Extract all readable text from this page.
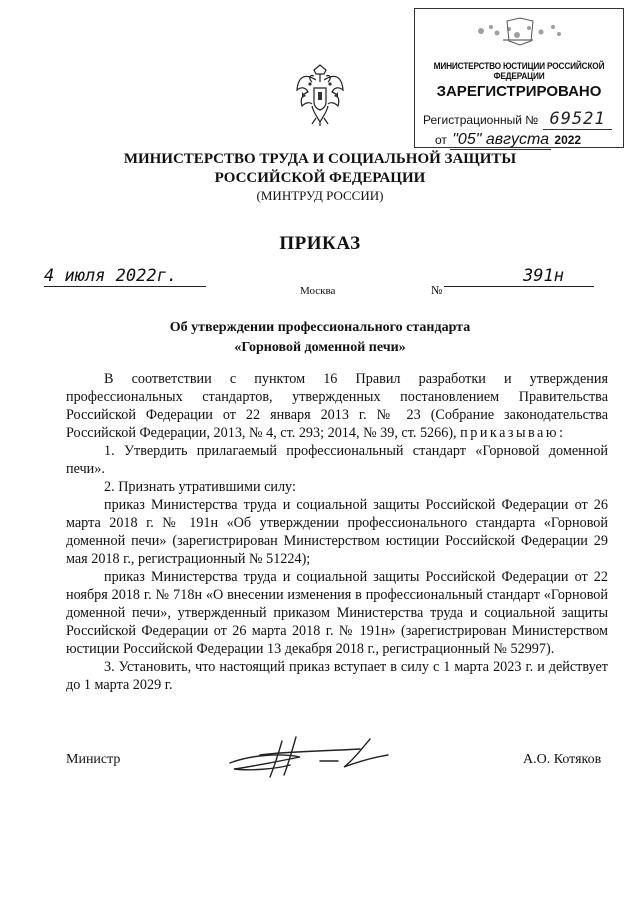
МИНИСТЕРСТВО ЮСТИЦИИ РОССИЙСКОЙ ФЕДЕРАЦИИ
ЗАРЕГИСТРИРОВАНО
Регистрационный № 69521
от "05" августа 2022
МИНИСТЕРСТВО ТРУДА И СОЦИАЛЬНОЙ ЗАЩИТЫ
РОССИЙСКОЙ ФЕДЕРАЦИИ
(МИНТРУД РОССИИ)
ПРИКАЗ
4 июля 2022г.
Москва	№
391н
Об утверждении профессионального стандарта
«Горновой доменной печи»

В соответствии с пунктом 16 Правил разработки и утверждения профессиональных стандартов, утвержденных постановлением Правительства Российской Федерации от 22 января 2013 г. № 23 (Собрание законодательства Российской Федерации, 2013, № 4, ст. 293; 2014, № 39, ст. 5266), приказываю:

1. Утвердить прилагаемый профессиональный стандарт «Горновой доменной печи».

2. Признать утратившими силу:

приказ Министерства труда и социальной защиты Российской Федерации от 26 марта 2018 г. № 191н «Об утверждении профессионального стандарта «Горновой доменной печи» (зарегистрирован Министерством юстиции Российской Федерации 29 мая 2018 г., регистрационный № 51224);

приказ Министерства труда и социальной защиты Российской Федерации от 22 ноября 2018 г. № 718н «О внесении изменения в профессиональный стандарт «Горновой доменной печи», утвержденный приказом Министерства труда и социальной защиты Российской Федерации от 26 марта 2018 г. № 191н» (зарегистрирован Министерством юстиции Российской Федерации 13 декабря 2018 г., регистрационный № 52997).

3. Установить, что настоящий приказ вступает в силу с 1 марта 2023 г. и действует до 1 марта 2029 г.

Министр	А.О. Котяков
